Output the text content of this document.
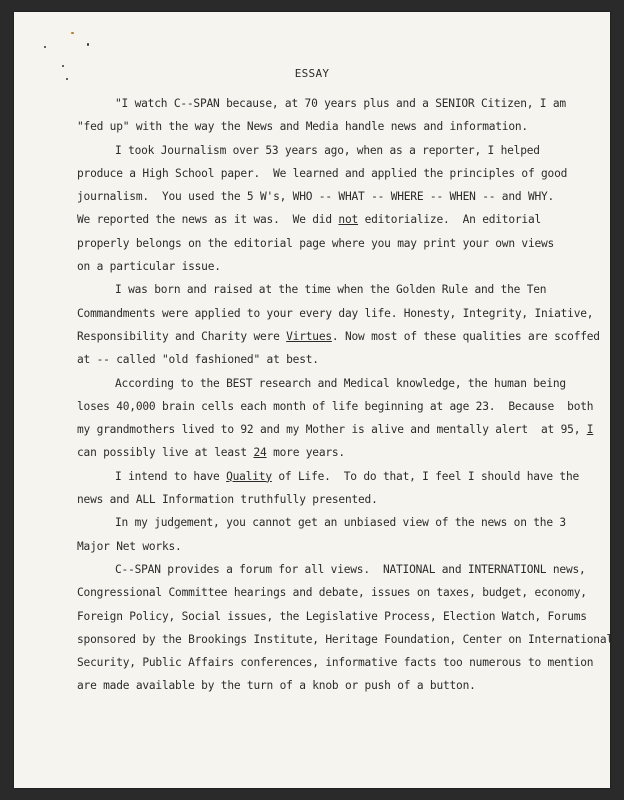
ESSAY
"I watch C--SPAN because, at 70 years plus and a SENIOR Citizen, I am
"fed up" with the way the News and Media handle news and information.
I took Journalism over 53 years ago, when as a reporter, I helped
produce a High School paper.  We learned and applied the principles of good
journalism.  You used the 5 W's, WHO -- WHAT -- WHERE -- WHEN -- and WHY.
We reported the news as it was.  We did not editorialize.  An editorial
properly belongs on the editorial page where you may print your own views
on a particular issue.
I was born and raised at the time when the Golden Rule and the Ten
Commandments were applied to your every day life. Honesty, Integrity, Iniative,
Responsibility and Charity were Virtues. Now most of these qualities are scoffed
at -- called "old fashioned" at best.
According to the BEST research and Medical knowledge, the human being
loses 40,000 brain cells each month of life beginning at age 23.  Because  both
my grandmothers lived to 92 and my Mother is alive and mentally alert  at 95, I
can possibly live at least 24 more years.
I intend to have Quality of Life.  To do that, I feel I should have the
news and ALL Information truthfully presented.
In my judgement, you cannot get an unbiased view of the news on the 3
Major Net works.
C--SPAN provides a forum for all views.  NATIONAL and INTERNATIONL news,
Congressional Committee hearings and debate, issues on taxes, budget, economy,
Foreign Policy, Social issues, the Legislative Process, Election Watch, Forums
sponsored by the Brookings Institute, Heritage Foundation, Center on International
Security, Public Affairs conferences, informative facts too numerous to mention
are made available by the turn of a knob or push of a button.
